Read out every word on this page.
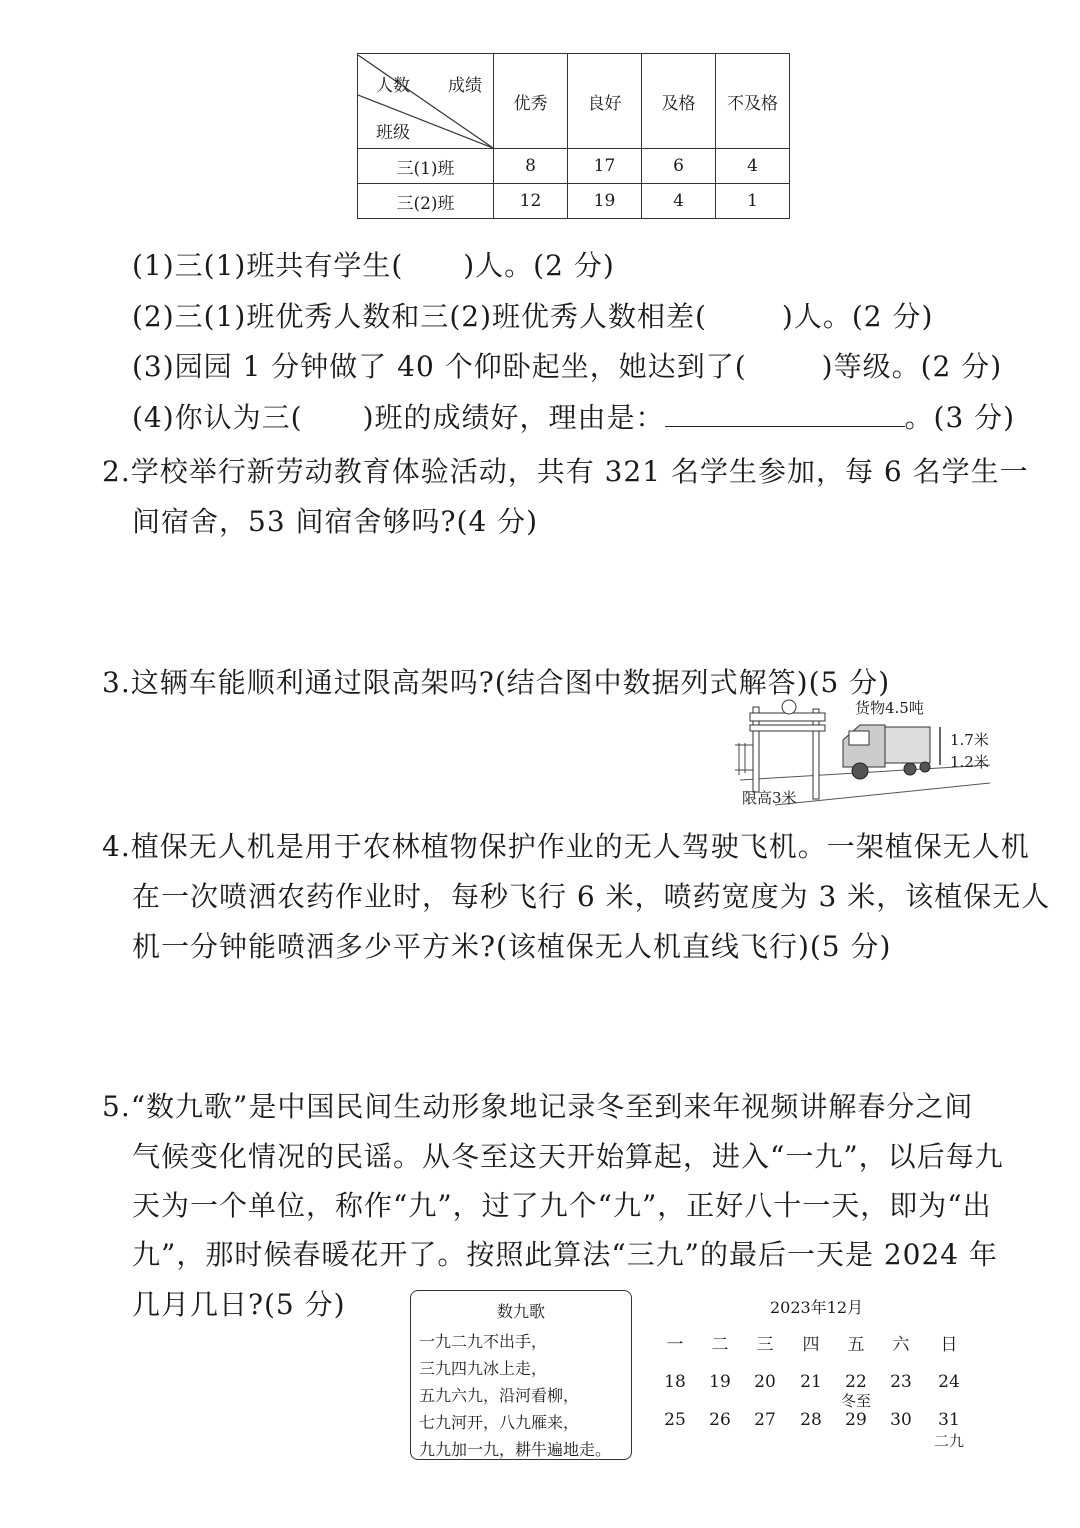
人数 成绩
班级	优秀	良好	及格	不及格
三(1)班	8	17	6	4
三(2)班	12	19	4	1
(1)三(1)班共有学生( )人。(2 分)
(2)三(1)班优秀人数和三(2)班优秀人数相差(	)人。(2 分)
(3)园园 1 分钟做了 40 个仰卧起坐，她达到了(	)等级。(2 分)
(4)你认为三( )班的成绩好，理由是：	。(3 分)
2.学校举行新劳动教育体验活动，共有 321 名学生参加，每 6 名学生一
间宿舍，53 间宿舍够吗?(4 分)
3.这辆车能顺利通过限高架吗?(结合图中数据列式解答)(5 分)
货物4.5吨
1.7米
1.2米
限高3米
4.植保无人机是用于农林植物保护作业的无人驾驶飞机。一架植保无人机
在一次喷洒农药作业时，每秒飞行 6 米，喷药宽度为 3 米，该植保无人
机一分钟能喷洒多少平方米?(该植保无人机直线飞行)(5 分)
5.“数九歌”是中国民间生动形象地记录冬至到来年视频讲解春分之间
气候变化情况的民谣。从冬至这天开始算起，进入“一九”，以后每九
天为一个单位，称作“九”，过了九个“九”，正好八十一天，即为“出
九”，那时候春暖花开了。按照此算法“三九”的最后一天是 2024 年
几月几日?(5 分)	数九歌
一九二九不出手，
三九四九冰上走，
五九六九，沿河看柳，
七九河开，八九雁来，
九九加一九，耕牛遍地走。
2023年12月
一	二	三	四	五	六	日
18	19	20	21	22	23	24
冬至
25	26	27	28	29	30	31
二九
